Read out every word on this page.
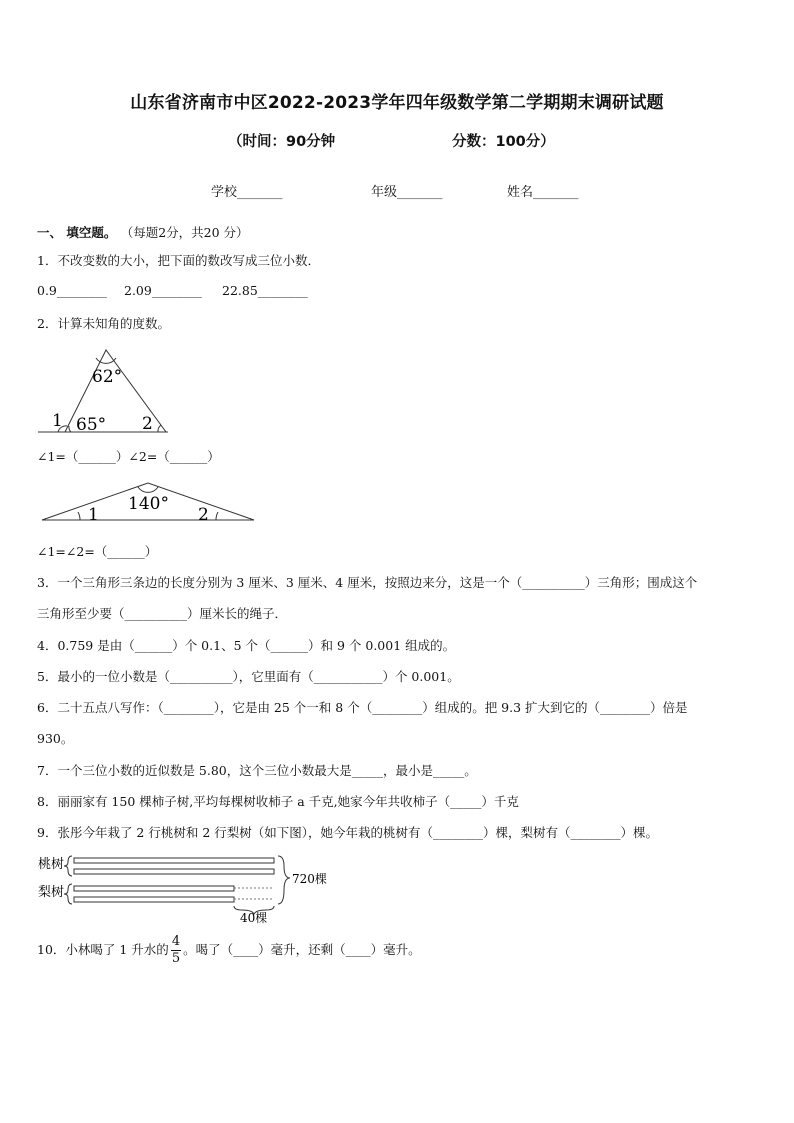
山东省济南市中区2022-2023学年四年级数学第二学期期末调研试题
（时间：90分钟	分数：100分）
学校_______	年级_______	姓名_______
一、 填空题。 （每题2分，共20 分）
1．不改变数的大小，把下面的数改写成三位小数．
0.9________ 2.09________ 22.85________
2．计算未知角的度数。
62°
1 65° 2
∠1=（______）∠2=（______）
140°
1	2
∠1=∠2=（______）
3．一个三角形三条边的长度分别为 3 厘米、3 厘米、4 厘米，按照边来分，这是一个（__________）三角形；围成这个
三角形至少要（__________）厘米长的绳子．
4．0.759 是由（______）个 0.1、5 个（______）和 9 个 0.001 组成的。
5．最小的一位小数是（__________），它里面有（___________）个 0.001。
6．二十五点八写作：（________），它是由 25 个一和 8 个（________）组成的。把 9.3 扩大到它的（________）倍是
930。
7．一个三位小数的近似数是 5.80，这个三位小数最大是_____，最小是_____。
8．丽丽家有 150 棵柿子树,平均每棵树收柿子 a 千克,她家今年共收柿子（_____）千克
9．张彤今年栽了 2 行桃树和 2 行梨树（如下图），她今年栽的桃树有（________）棵，梨树有（________）棵。
桃树
梨树
720棵
40棵
10．小林喝了 1 升水的 $\frac{4}{5}$ 。喝了（____）毫升，还剩（____）毫升。
